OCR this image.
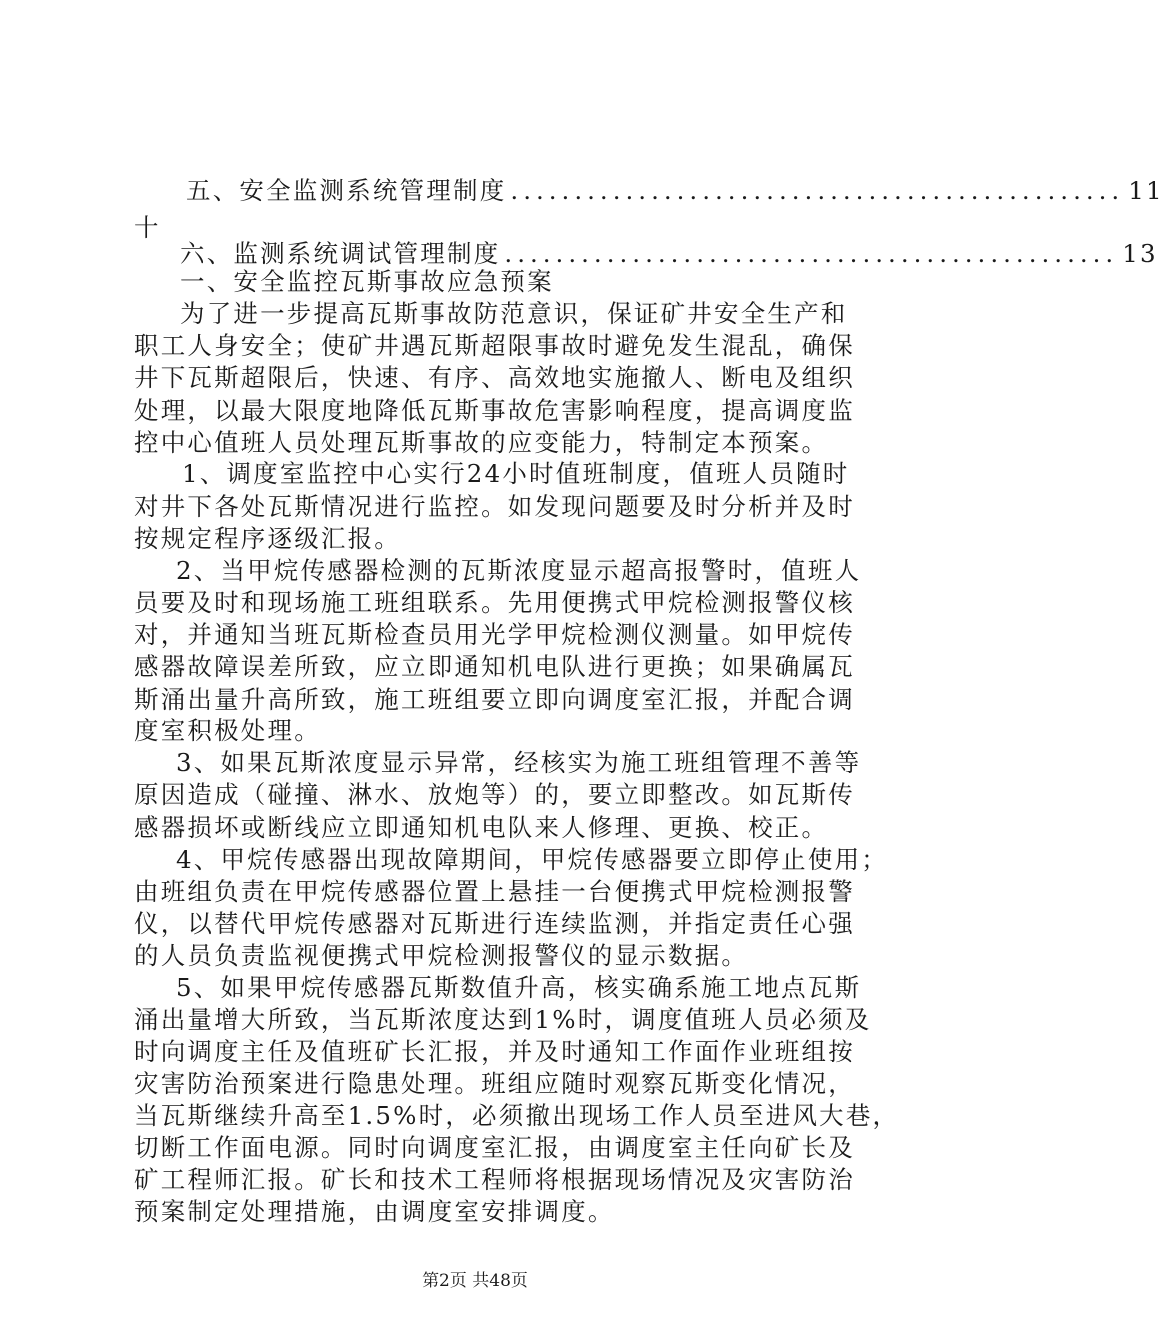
五、安全监测系统管理制度 ................................................ 11
十
六、监测系统调试管理制度 ................................................ 13
一、安全监控瓦斯事故应急预案
为了进一步提高瓦斯事故防范意识，保证矿井安全生产和
职工人身安全；使矿井遇瓦斯超限事故时避免发生混乱，确保
井下瓦斯超限后，快速、有序、高效地实施撤人、断电及组织
处理，以最大限度地降低瓦斯事故危害影响程度，提高调度监
控中心值班人员处理瓦斯事故的应变能力，特制定本预案。
1、调度室监控中心实行24小时值班制度，值班人员随时
对井下各处瓦斯情况进行监控。如发现问题要及时分析并及时
按规定程序逐级汇报。
2、当甲烷传感器检测的瓦斯浓度显示超高报警时，值班人
员要及时和现场施工班组联系。先用便携式甲烷检测报警仪核
对，并通知当班瓦斯检查员用光学甲烷检测仪测量。如甲烷传
感器故障误差所致，应立即通知机电队进行更换；如果确属瓦
斯涌出量升高所致，施工班组要立即向调度室汇报，并配合调
度室积极处理。
3、如果瓦斯浓度显示异常，经核实为施工班组管理不善等
原因造成（碰撞、淋水、放炮等）的，要立即整改。如瓦斯传
感器损坏或断线应立即通知机电队来人修理、更换、校正。
4、甲烷传感器出现故障期间，甲烷传感器要立即停止使用；
由班组负责在甲烷传感器位置上悬挂一台便携式甲烷检测报警
仪，以替代甲烷传感器对瓦斯进行连续监测，并指定责任心强
的人员负责监视便携式甲烷检测报警仪的显示数据。
5、如果甲烷传感器瓦斯数值升高，核实确系施工地点瓦斯
涌出量增大所致，当瓦斯浓度达到1%时，调度值班人员必须及
时向调度主任及值班矿长汇报，并及时通知工作面作业班组按
灾害防治预案进行隐患处理。班组应随时观察瓦斯变化情况，
当瓦斯继续升高至1.5%时，必须撤出现场工作人员至进风大巷，
切断工作面电源。同时向调度室汇报，由调度室主任向矿长及
矿工程师汇报。矿长和技术工程师将根据现场情况及灾害防治
预案制定处理措施，由调度室安排调度。
第2页 共48页
